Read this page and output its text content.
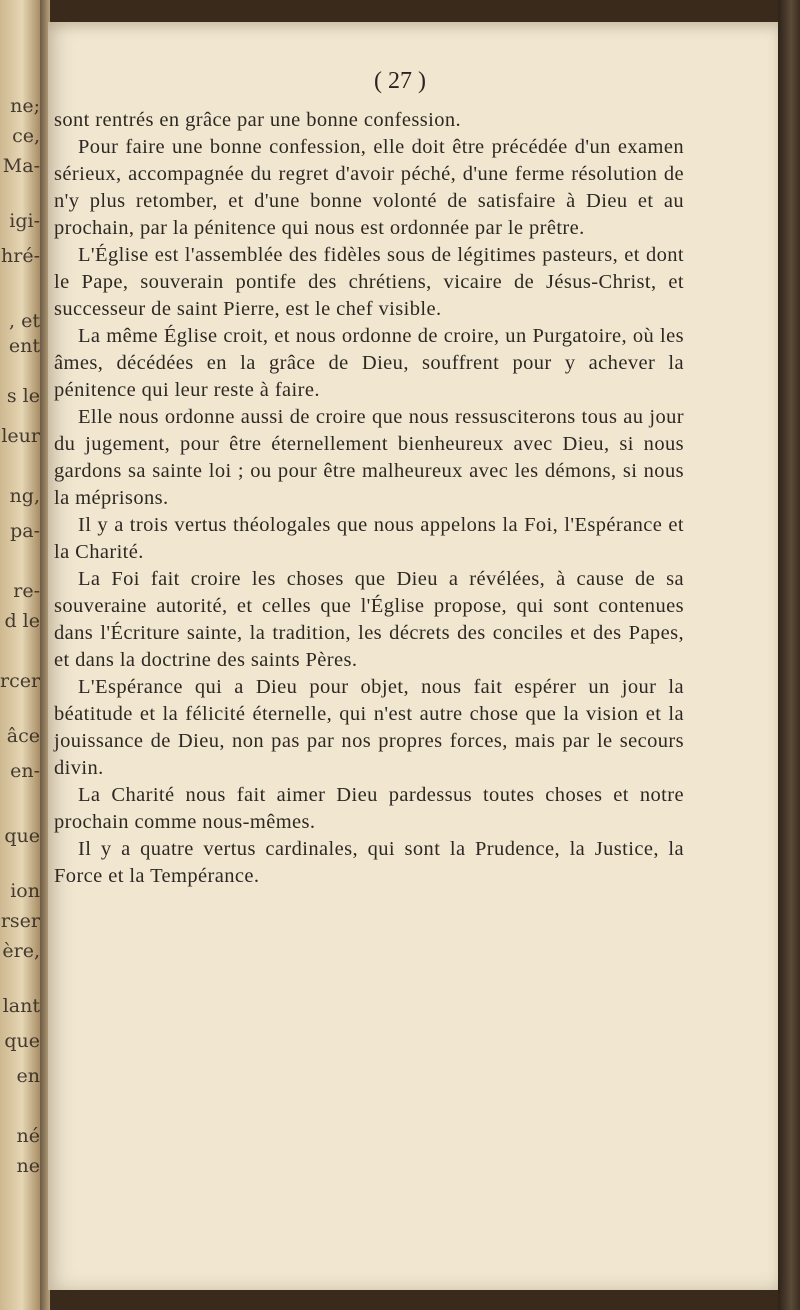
ne;
ce,
Ma-
igi-
hré-
, et
ent
s le
leur
ng,
pa-
re-
d le
rcer
âce
en-
que
ion
rser
ère,
lant
que
en
né
ne
( 27 )

sont rentrés en grâce par une bonne confession.

Pour faire une bonne confession, elle doit être précédée d'un examen sérieux, accompagnée du regret d'avoir péché, d'une ferme résolution de n'y plus retomber, et d'une bonne volonté de satisfaire à Dieu et au prochain, par la pénitence qui nous est ordonnée par le prêtre.

L'Église est l'assemblée des fidèles sous de légitimes pasteurs, et dont le Pape, souverain pontife des chrétiens, vicaire de Jésus-Christ, et successeur de saint Pierre, est le chef visible.

La même Église croit, et nous ordonne de croire, un Purgatoire, où les âmes, décédées en la grâce de Dieu, souffrent pour y achever la pénitence qui leur reste à faire.

Elle nous ordonne aussi de croire que nous ressusciterons tous au jour du jugement, pour être éternellement bienheureux avec Dieu, si nous gardons sa sainte loi ; ou pour être malheureux avec les démons, si nous la méprisons.

Il y a trois vertus théologales que nous appelons la Foi, l'Espérance et la Charité.

La Foi fait croire les choses que Dieu a révélées, à cause de sa souveraine autorité, et celles que l'Église propose, qui sont contenues dans l'Écriture sainte, la tradition, les décrets des conciles et des Papes, et dans la doctrine des saints Pères.

L'Espérance qui a Dieu pour objet, nous fait espérer un jour la béatitude et la félicité éternelle, qui n'est autre chose que la vision et la jouissance de Dieu, non pas par nos propres forces, mais par le secours divin.

La Charité nous fait aimer Dieu pardessus toutes choses et notre prochain comme nous-mêmes.

Il y a quatre vertus cardinales, qui sont la Prudence, la Justice, la Force et la Tempérance.
